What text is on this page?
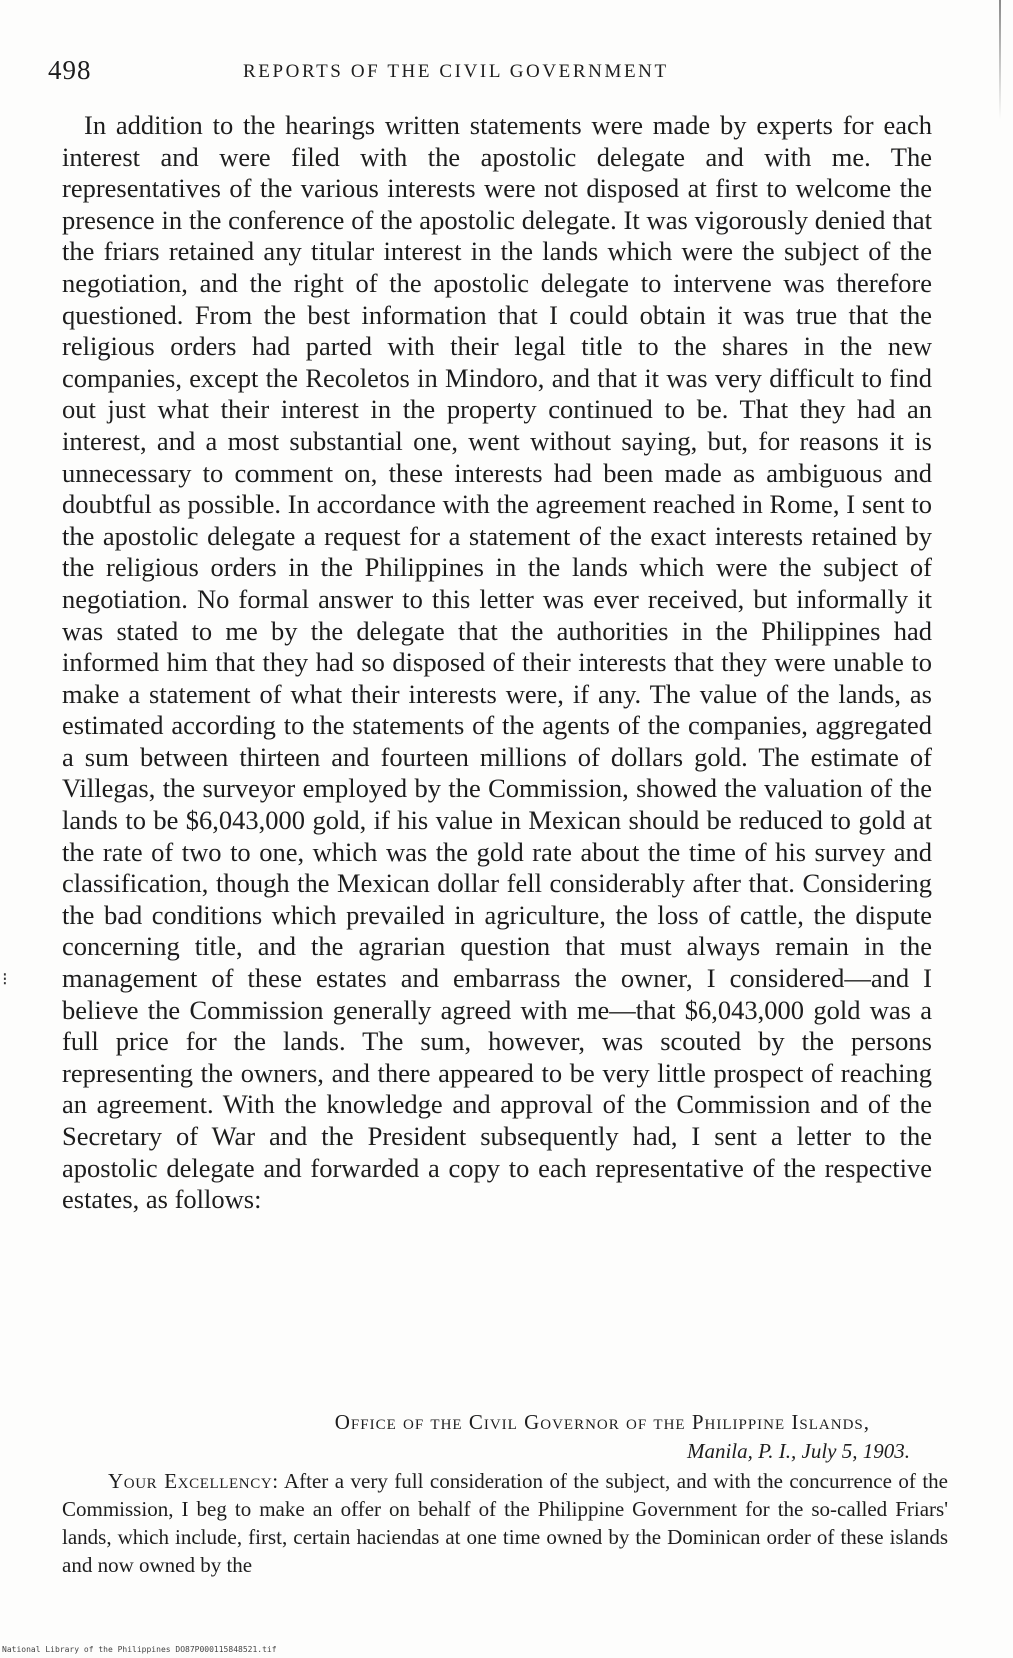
⁝
498	REPORTS OF THE CIVIL GOVERNMENT

In addition to the hearings written statements were made by experts for each interest and were filed with the apostolic delegate and with me. The representatives of the various interests were not disposed at first to welcome the presence in the conference of the apostolic delegate. It was vigorously denied that the friars retained any titular interest in the lands which were the subject of the negotiation, and the right of the apostolic delegate to intervene was therefore questioned. From the best information that I could obtain it was true that the religious orders had parted with their legal title to the shares in the new companies, except the Recoletos in Mindoro, and that it was very difficult to find out just what their interest in the property continued to be. That they had an interest, and a most substantial one, went without saying, but, for reasons it is unnecessary to comment on, these interests had been made as ambiguous and doubtful as possible. In accordance with the agreement reached in Rome, I sent to the apostolic delegate a request for a statement of the exact interests retained by the religious orders in the Philippines in the lands which were the subject of negotiation. No formal answer to this letter was ever received, but informally it was stated to me by the delegate that the authorities in the Philippines had informed him that they had so disposed of their interests that they were unable to make a statement of what their interests were, if any. The value of the lands, as estimated according to the statements of the agents of the companies, aggregated a sum between thirteen and fourteen millions of dollars gold. The estimate of Villegas, the surveyor employed by the Commission, showed the valuation of the lands to be $6,043,000 gold, if his value in Mexican should be reduced to gold at the rate of two to one, which was the gold rate about the time of his survey and classification, though the Mexican dollar fell considerably after that. Considering the bad conditions which prevailed in agriculture, the loss of cattle, the dispute concerning title, and the agrarian question that must always remain in the management of these estates and embarrass the owner, I considered—and I believe the Commission generally agreed with me—that $6,043,000 gold was a full price for the lands. The sum, however, was scouted by the persons representing the owners, and there appeared to be very little prospect of reaching an agreement. With the knowledge and approval of the Commission and of the Secretary of War and the President subsequently had, I sent a letter to the apostolic delegate and forwarded a copy to each representative of the respective estates, as follows:

Office of the Civil Governor of the Philippine Islands,
Manila, P. I., July 5, 1903.

Your Excellency: After a very full consideration of the subject, and with the concurrence of the Commission, I beg to make an offer on behalf of the Philippine Government for the so-called Friars' lands, which include, first, certain haciendas at one time owned by the Dominican order of these islands and now owned by the

National Library of the Philippines DO87P000115848521.tif
